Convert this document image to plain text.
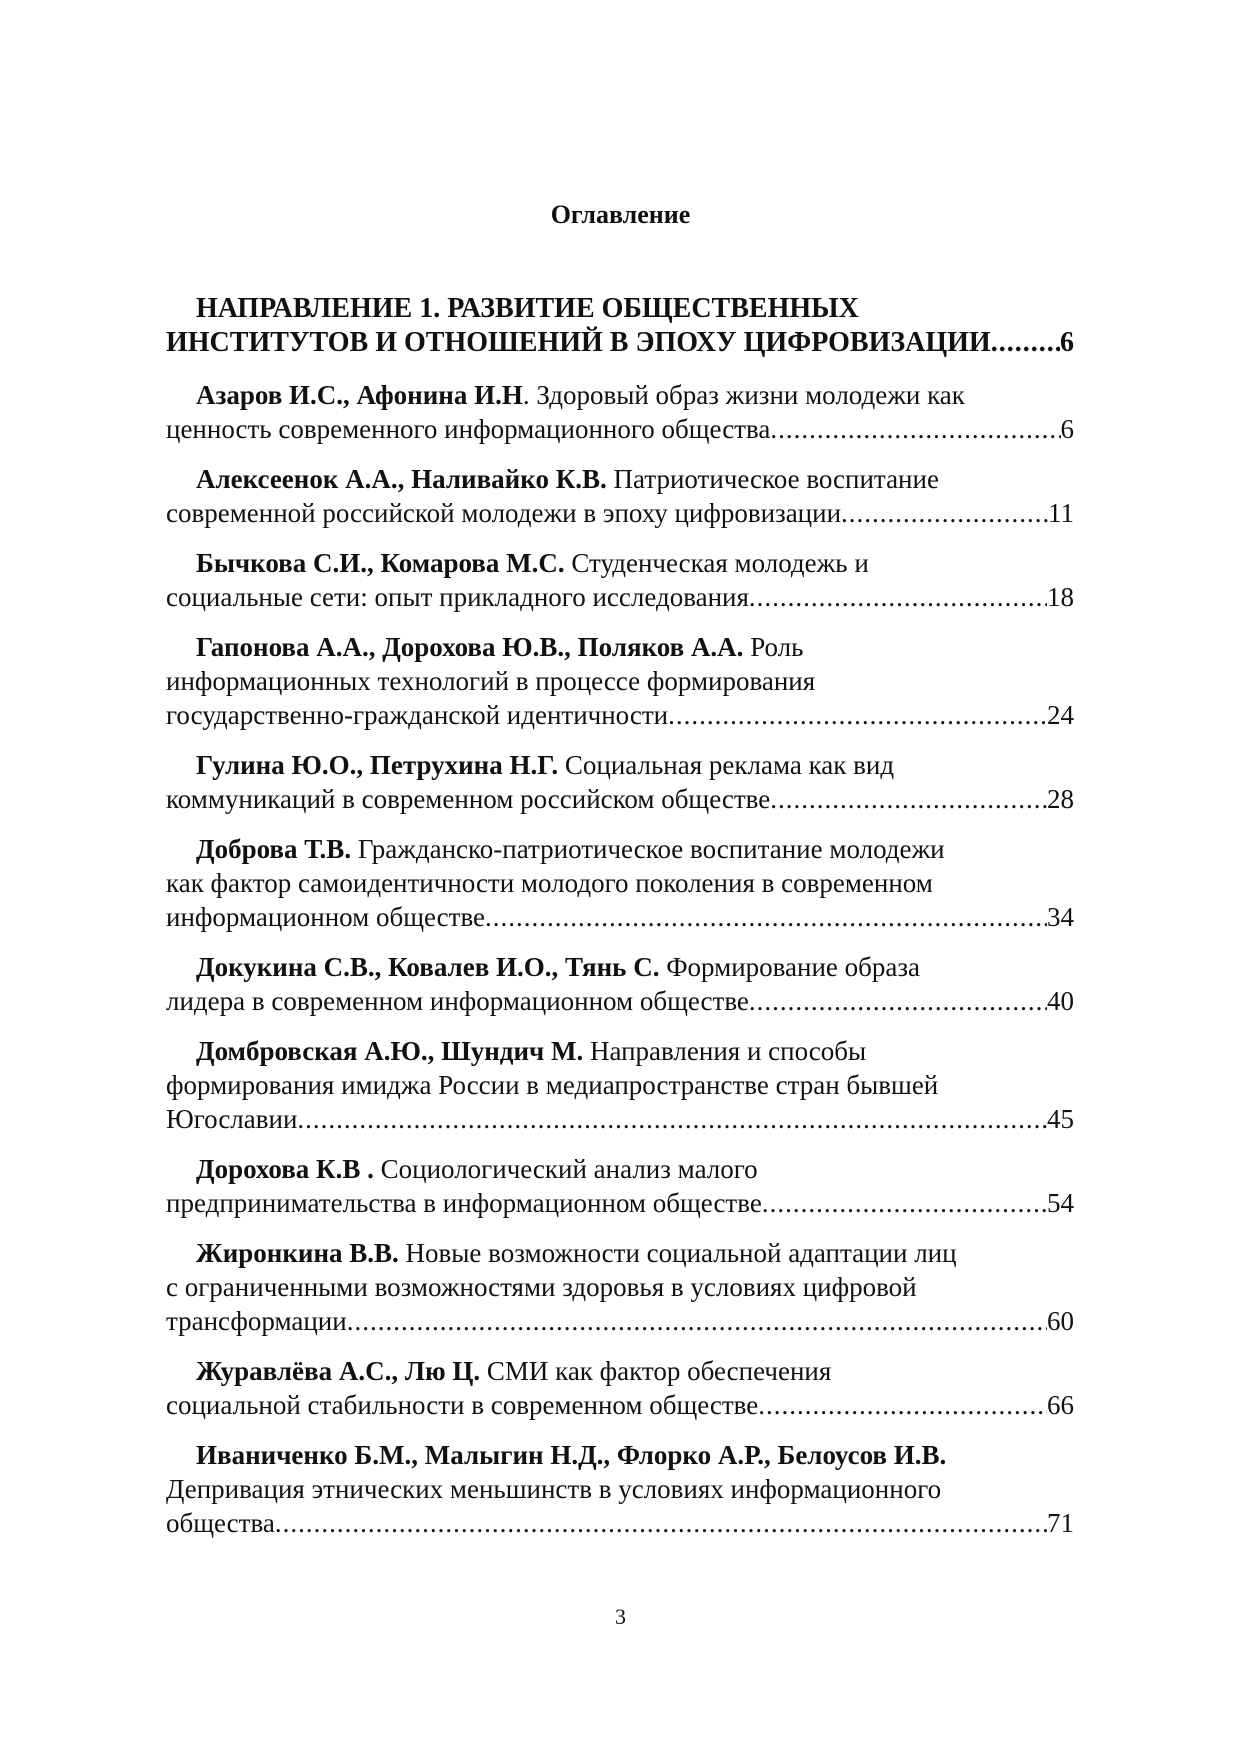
Оглавление
НАПРАВЛЕНИЕ 1. РАЗВИТИЕ ОБЩЕСТВЕННЫХ
ИНСТИТУТОВ И ОТНОШЕНИЙ В ЭПОХУ ЦИФРОВИЗАЦИИ ..... 6
Азаров И.С., Афонина И.Н. Здоровый образ жизни молодежи как
ценность современного информационного общества .....	6
Алексеенок А.А., Наливайко К.В. Патриотическое воспитание
современной российской молодежи в эпоху цифровизации .....	11
Бычкова С.И., Комарова М.С. Студенческая молодежь и
социальные сети: опыт прикладного исследования .....	18
Гапонова А.А., Дорохова Ю.В., Поляков А.А. Роль
информационных технологий в процессе формирования
государственно-гражданской идентичности .....	24
Гулина Ю.О., Петрухина Н.Г. Социальная реклама как вид
коммуникаций в современном российском обществе .....	28
Доброва Т.В. Гражданско-патриотическое воспитание молодежи
как фактор самоидентичности молодого поколения в современном
информационном обществе .....	34
Докукина С.В., Ковалев И.О., Тянь С. Формирование образа
лидера в современном информационном обществе .....	40
Домбровская А.Ю., Шундич М. Направления и способы
формирования имиджа России в медиапространстве стран бывшей
Югославии .....	45
Дорохова К.В . Социологический анализ малого
предпринимательства в информационном обществе .....	54
Жиронкина В.В. Новые возможности социальной адаптации лиц
с ограниченными возможностями здоровья в условиях цифровой
трансформации .....	60
Журавлёва А.С., Лю Ц. СМИ как фактор обеспечения
социальной стабильности в современном обществе .....	66
Иваниченко Б.М., Малыгин Н.Д., Флорко А.Р., Белоусов И.В.
Депривация этнических меньшинств в условиях информационного
общества .....	71
3
